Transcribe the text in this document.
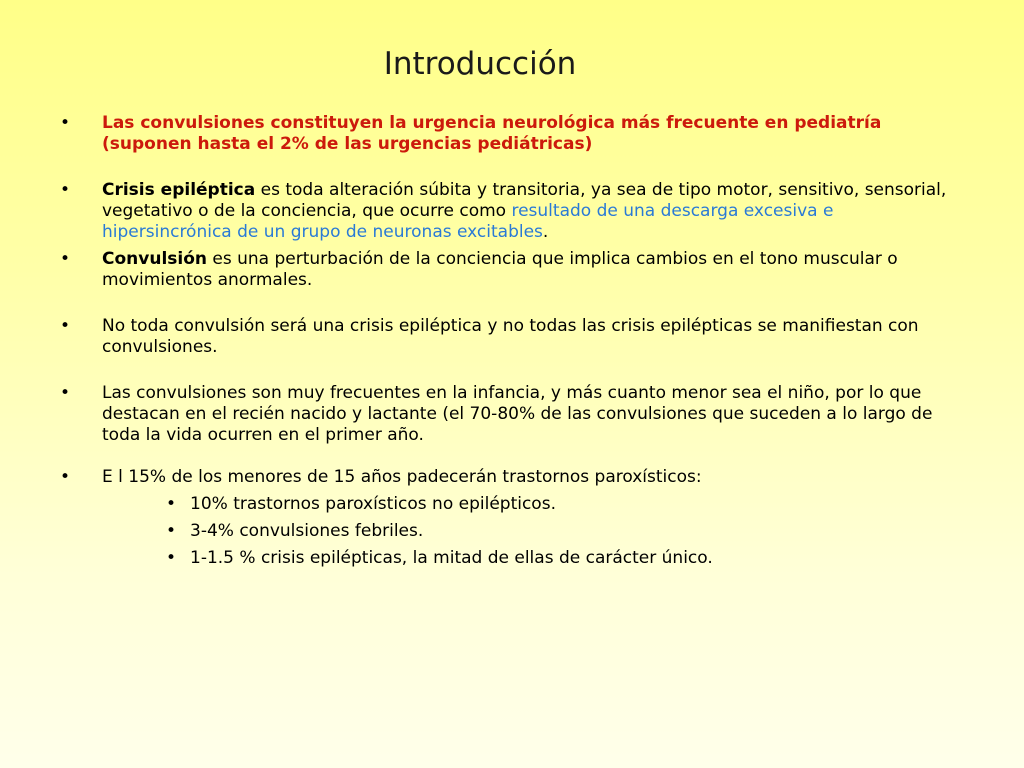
Introducción
• Las convulsiones constituyen la urgencia neurológica más frecuente en pediatría (suponen hasta el 2% de las urgencias pediátricas)
• Crisis epiléptica es toda alteración súbita y transitoria, ya sea de tipo motor, sensitivo, sensorial, vegetativo o de la conciencia, que ocurre como resultado de una descarga excesiva e hipersincrónica de un grupo de neuronas excitables.
• Convulsión es una perturbación de la conciencia que implica cambios en el tono muscular o movimientos anormales.
• No toda convulsión será una crisis epiléptica y no todas las crisis epilépticas se manifiestan con convulsiones.
• Las convulsiones son muy frecuentes en la infancia, y más cuanto menor sea el niño, por lo que destacan en el recién nacido y lactante (el 70-80% de las convulsiones que suceden a lo largo de toda la vida ocurren en el primer año.
• E l 15% de los menores de 15 años padecerán trastornos paroxísticos:
• 10% trastornos paroxísticos no epilépticos.
• 3-4% convulsiones febriles.
• 1-1.5 % crisis epilépticas, la mitad de ellas de carácter único.
